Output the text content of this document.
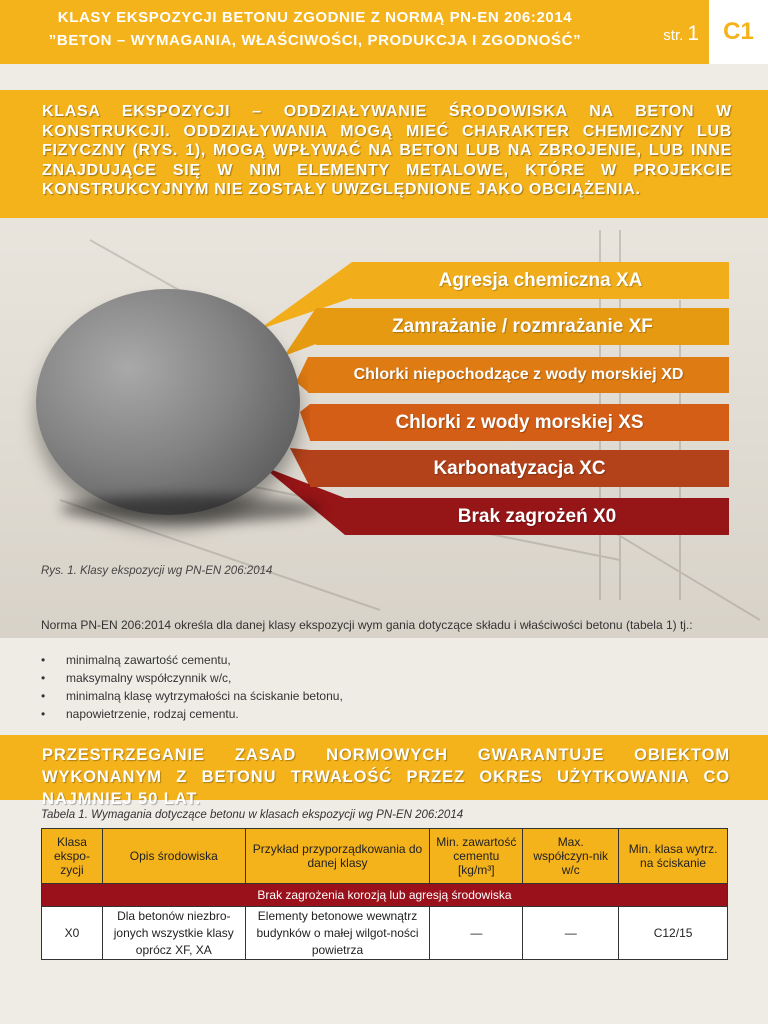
KLASY EKSPOZYCJI BETONU ZGODNIE Z NORMĄ PN-EN 206:2014
”BETON – WYMAGANIA, WŁAŚCIWOŚCI, PRODUKCJA I ZGODNOŚĆ”	str. 1	C1

KLASA EKSPOZYCJI – ODDZIAŁYWANIE ŚRODOWISKA NA BETON W KONSTRUKCJI. ODDZIAŁYWANIA MOGĄ MIEĆ CHARAKTER CHEMICZNY LUB FIZYCZNY (RYS. 1), MOGĄ WPŁYWAĆ NA BETON LUB NA ZBROJENIE, LUB INNE ZNAJDUJĄCE SIĘ W NIM ELEMENTY METALOWE, KTÓRE W PROJEKCIE KONSTRUKCYJNYM NIE ZOSTAŁY UWZGLĘDNIONE JAKO OBCIĄŻENIA.

Agresja chemiczna XA
Zamrażanie / rozmrażanie XF
Chlorki niepochodzące z wody morskiej XD
Chlorki z wody morskiej XS
Karbonatyzacja XC
Brak zagrożeń X0
Rys. 1. Klasy ekspozycji wg PN-EN 206:2014

Norma PN-EN 206:2014 określa dla danej klasy ekspozycji wym gania dotyczące składu i właściwości betonu (tabela 1) tj.:

• minimalną zawartość cementu,
• maksymalny współczynnik w/c,
• minimalną klasę wytrzymałości na ściskanie betonu,
• napowietrzenie, rodzaj cementu.

PRZESTRZEGANIE ZASAD NORMOWYCH GWARANTUJE OBIEKTOM WYKONANYM Z BETONU TRWAŁOŚĆ PRZEZ OKRES UŻYTKOWANIA CO NAJMNIEJ 50 LAT.

Tabela 1. Wymagania dotyczące betonu w klasach ekspozycji wg PN-EN 206:2014
Klasa ekspo-zycji	Opis środowiska	Przykład przyporządkowania do danej klasy	Min. zawartość cementu [kg/m³]	Max. współczyn-nik w/c	Min. klasa wytrz. na ściskanie
Brak zagrożenia korozją lub agresją środowiska					
X0	Dla betonów niezbro-jonych wszystkie klasy oprócz XF, XA	Elementy betonowe wewnątrz budynków o małej wilgot-ności powietrza	—	—	C12/15
